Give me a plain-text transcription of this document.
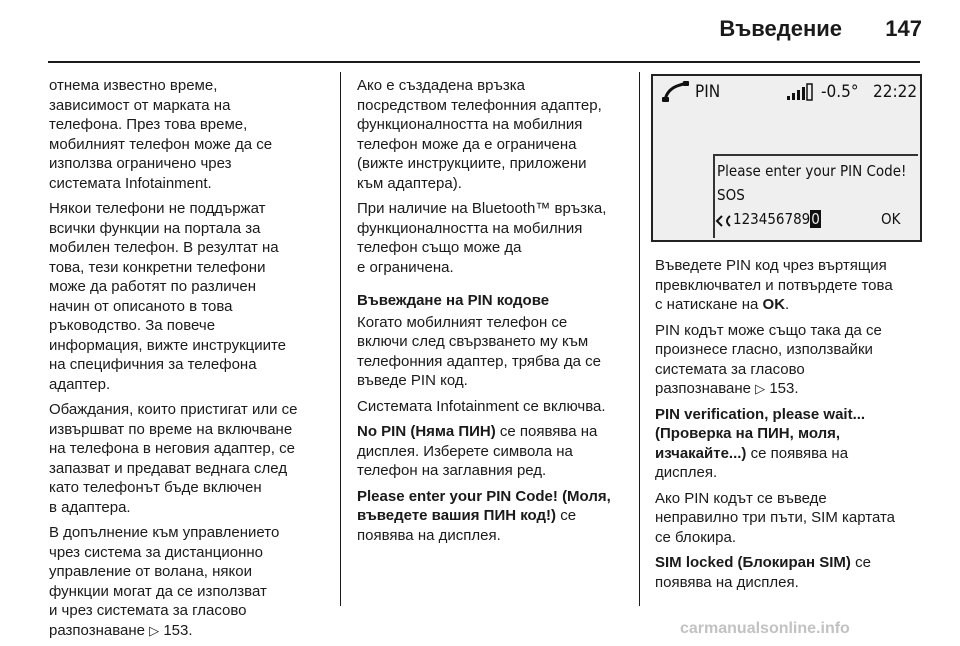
Въведение 147

отнема известно време,
зависимост от марката на
телефона. През това време,
мобилният телефон може да се
използва ограничено чрез
системата Infotainment.

Някои телефони не поддържат
всички функции на портала за
мобилен телефон. В резултат на
това, тези конкретни телефони
може да работят по различен
начин от описаното в това
ръководство. За повече
информация, вижте инструкциите
на специфичния за телефона
адаптер.

Обаждания, които пристигат или се
извършват по време на включване
на телефона в неговия адаптер, се
запазват и предават веднага след
като телефонът бъде включен
в адаптера.

В допълнение към управлението
чрез система за дистанционно
управление от волана, някои
функции могат да се използват
и чрез системата за гласово
разпознаване ▷ 153.

Ако е създадена връзка
посредством телефонния адаптер,
функционалността на мобилния
телефон може да е ограничена
(вижте инструкциите, приложени
към адаптера).

При наличие на Bluetooth™ връзка,
функционалността на мобилния
телефон също може да
е ограничена.

Въвеждане на PIN кодове

Когато мобилният телефон се
включи след свързването му към
телефонния адаптер, трябва да се
въведе PIN код.

Системата Infotainment се включва.

No PIN (Няма ПИН) се появява на
дисплея. Изберете символа на
телефон на заглавния ред.

Please enter your PIN Code! (Моля,
въведете вашия ПИН код!) се
появява на дисплея.

PIN	-0.5° 22:22
Please enter your PIN Code!
SOS
1234567890	OK

Въведете PIN код чрез въртящия
превключвател и потвърдете това
с натискане на OK.

PIN кодът може също така да се
произнесе гласно, използвайки
системата за гласово
разпознаване ▷ 153.

PIN verification, please wait...
(Проверка на ПИН, моля,
изчакайте...) се появява на
дисплея.

Ако PIN кодът се въведе
неправилно три пъти, SIM картата
се блокира.

SIM locked (Блокиран SIM) се
появява на дисплея.

carmanualsonline.info
